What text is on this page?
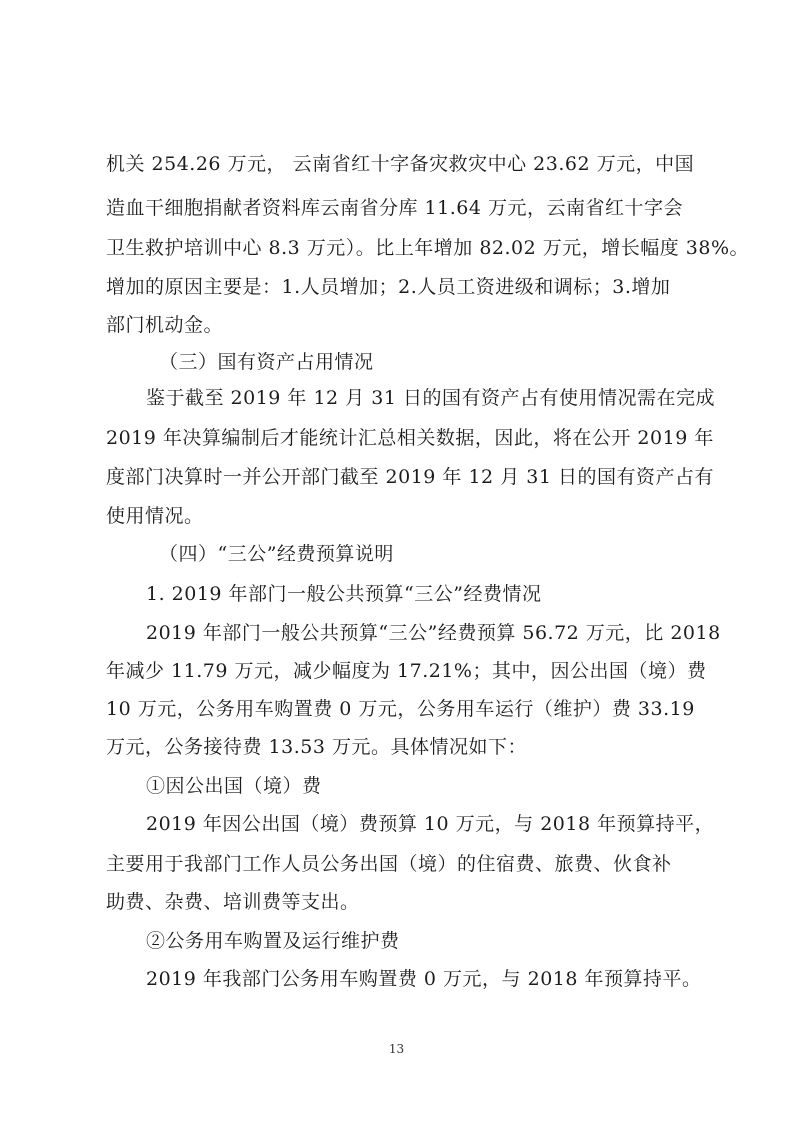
机关 254.26 万元， 云南省红十字备灾救灾中心 23.62 万元，中国
造血干细胞捐献者资料库云南省分库 11.64 万元，云南省红十字会
卫生救护培训中心 8.3 万元）。比上年增加 82.02 万元，增长幅度 38%。
增加的原因主要是：1.人员增加；2.人员工资进级和调标；3.增加
部门机动金。
（三）国有资产占用情况
鉴于截至 2019 年 12 月 31 日的国有资产占有使用情况需在完成
2019 年决算编制后才能统计汇总相关数据，因此，将在公开 2019 年
度部门决算时一并公开部门截至 2019 年 12 月 31 日的国有资产占有
使用情况。
（四）“三公”经费预算说明
1. 2019 年部门一般公共预算“三公”经费情况
2019 年部门一般公共预算“三公”经费预算 56.72 万元，比 2018
年减少 11.79 万元，减少幅度为 17.21%；其中，因公出国（境）费
10 万元，公务用车购置费 0 万元，公务用车运行（维护）费 33.19
万元，公务接待费 13.53 万元。具体情况如下：
①因公出国（境）费
2019 年因公出国（境）费预算 10 万元，与 2018 年预算持平，
主要用于我部门工作人员公务出国（境）的住宿费、旅费、伙食补
助费、杂费、培训费等支出。
②公务用车购置及运行维护费
2019 年我部门公务用车购置费 0 万元，与 2018 年预算持平。
13
